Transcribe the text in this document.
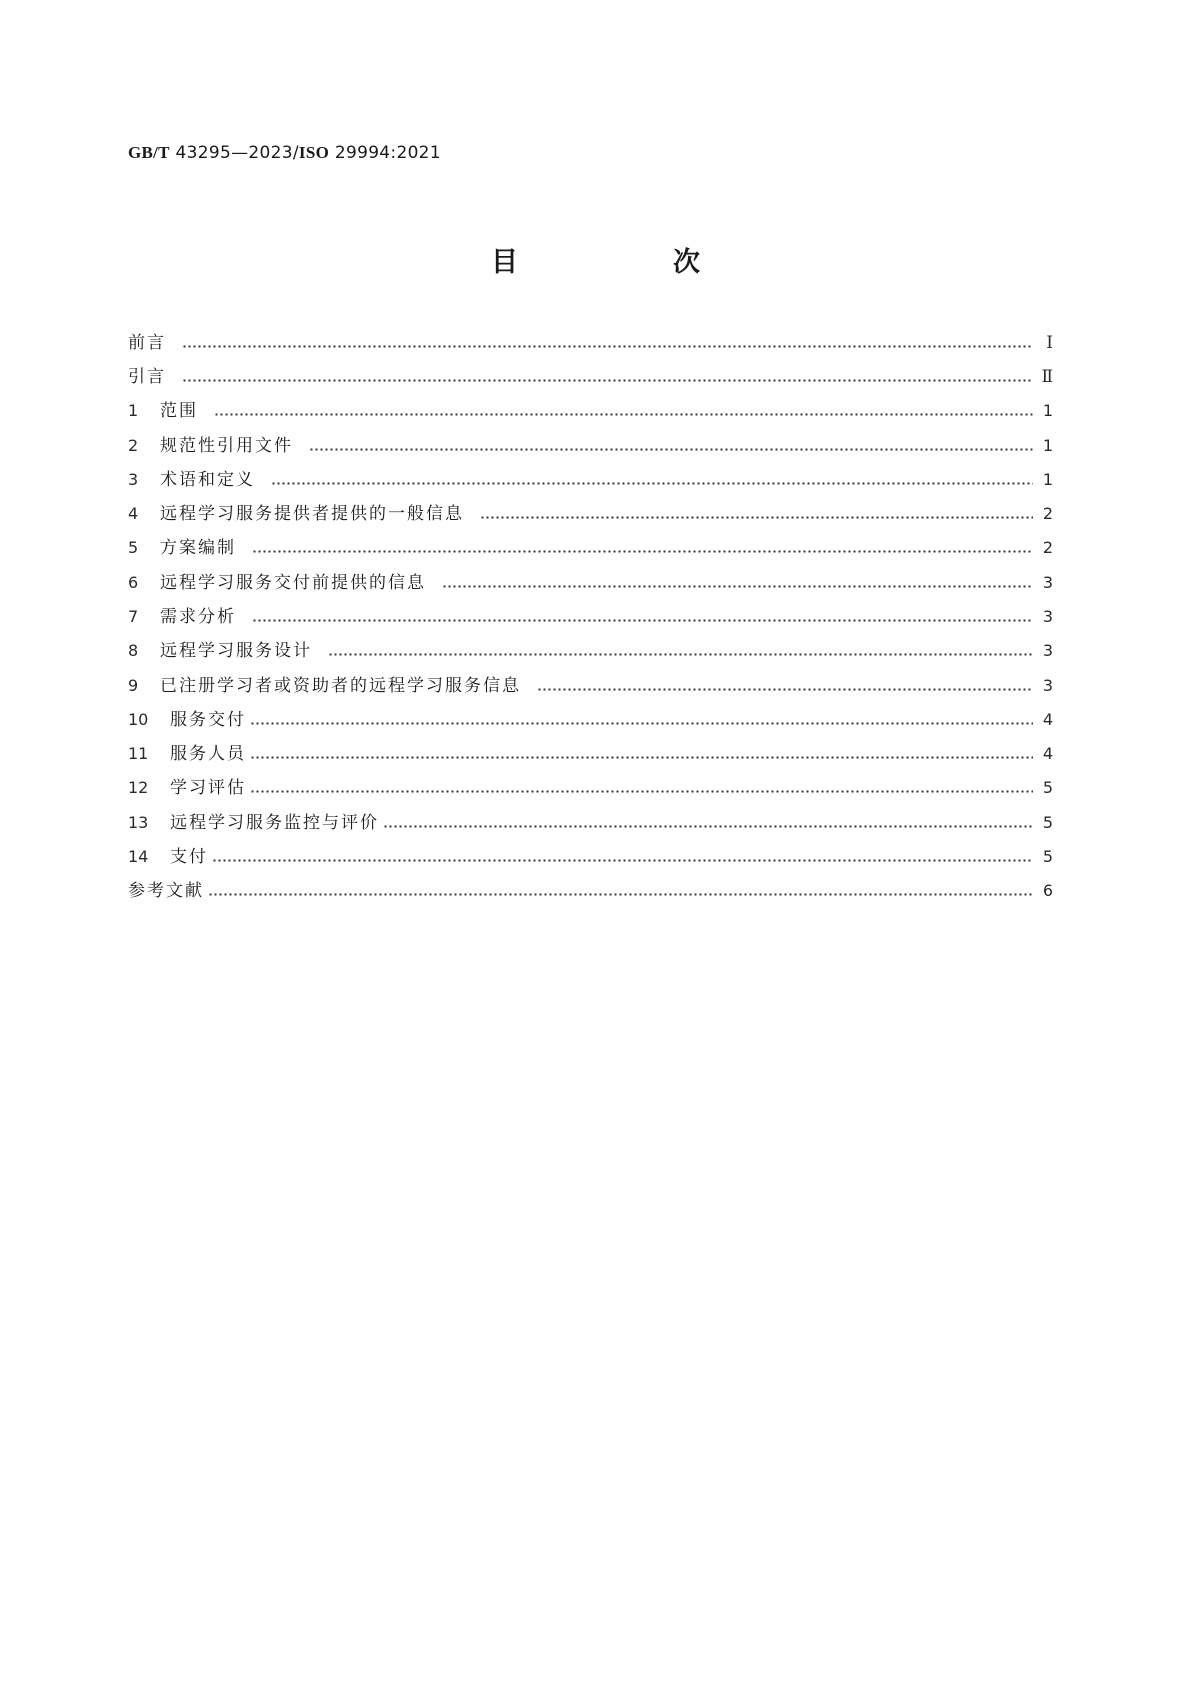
GB/T 43295—2023/ISO 29994:2021
目　次
前言	Ⅰ
引言	Ⅱ
1	范围	1
2	规范性引用文件	1
3	术语和定义	1
4	远程学习服务提供者提供的一般信息	2
5	方案编制	2
6	远程学习服务交付前提供的信息	3
7	需求分析	3
8	远程学习服务设计	3
9	已注册学习者或资助者的远程学习服务信息	3
10	服务交付	4
11	服务人员	4
12	学习评估	5
13	远程学习服务监控与评价	5
14	支付	5
参考文献	6
